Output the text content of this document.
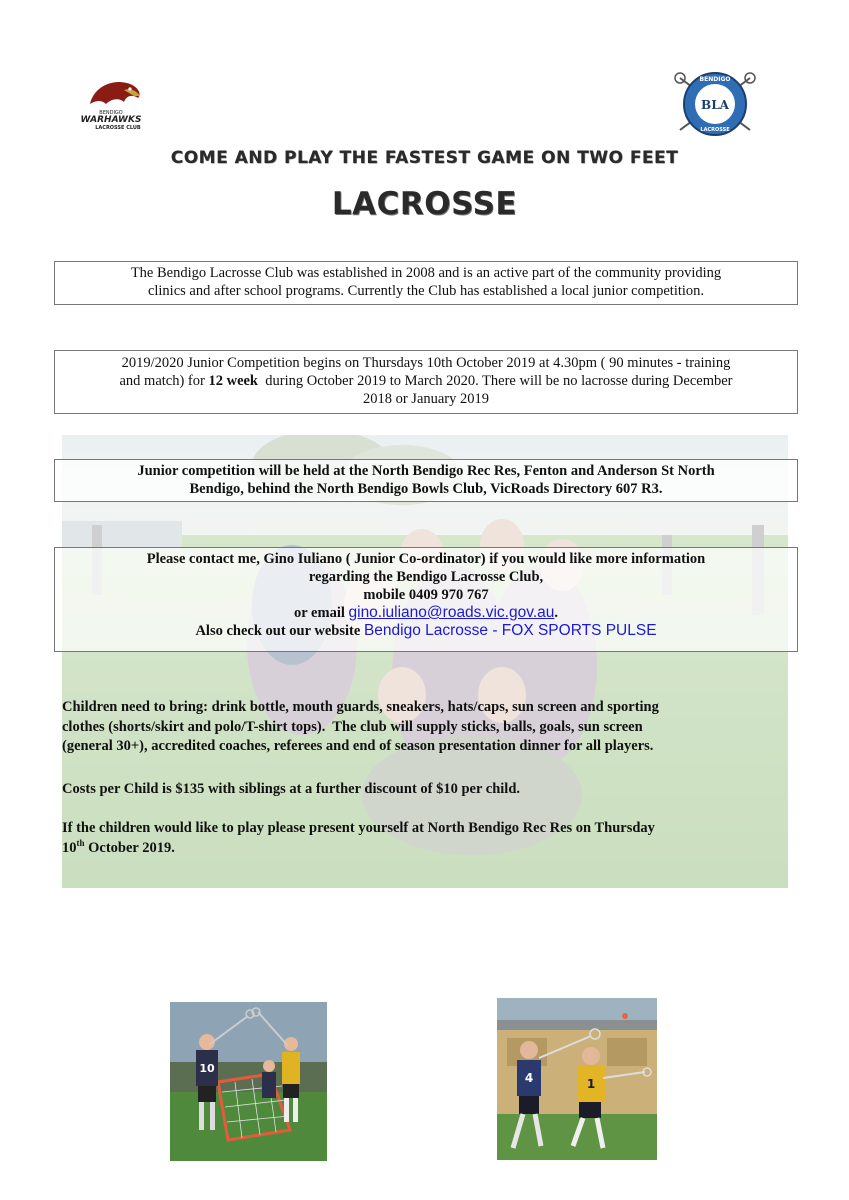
BENDIGO
WARHAWKS
LACROSSE CLUB
BENDIGO
BLA
LACROSSE
COME AND PLAY THE FASTEST GAME ON TWO FEET
LACROSSE
The Bendigo Lacrosse Club was established in 2008 and is an active part of the community providing
clinics and after school programs. Currently the Club has established a local junior competition.
2019/2020 Junior Competition begins on Thursdays 10th October 2019 at 4.30pm ( 90 minutes - training
and match) for 12 week  during October 2019 to March 2020. There will be no lacrosse during December
2018 or January 2019
Junior competition will be held at the North Bendigo Rec Res, Fenton and Anderson St North
Bendigo, behind the North Bendigo Bowls Club, VicRoads Directory 607 R3.
Please contact me, Gino Iuliano ( Junior Co-ordinator) if you would like more information
regarding the Bendigo Lacrosse Club,
mobile 0409 970 767
or email gino.iuliano@roads.vic.gov.au.
Also check out our website Bendigo Lacrosse - FOX SPORTS PULSE
Children need to bring: drink bottle, mouth guards, sneakers, hats/caps, sun screen and sporting
clothes (shorts/skirt and polo/T-shirt tops).  The club will supply sticks, balls, goals, sun screen
(general 30+), accredited coaches, referees and end of season presentation dinner for all players.
Costs per Child is $135 with siblings at a further discount of $10 per child.
If the children would like to play please present yourself at North Bendigo Rec Res on Thursday
10th October 2019.
10
4	1
